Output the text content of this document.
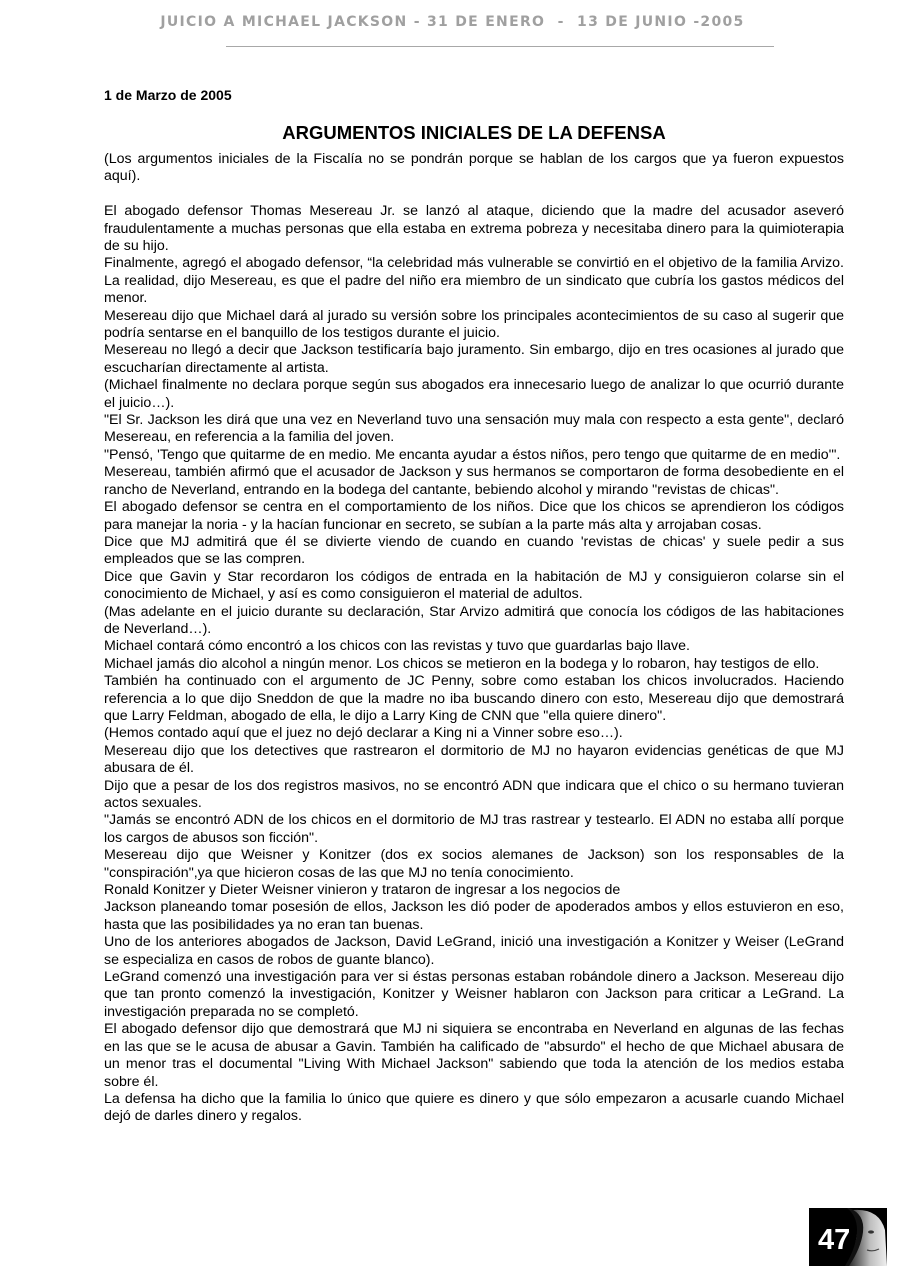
JUICIO A MICHAEL JACKSON - 31 DE ENERO  -  13 DE JUNIO -2005
1 de Marzo de 2005
ARGUMENTOS INICIALES DE LA DEFENSA

(Los argumentos iniciales de la Fiscalía no se pondrán porque se hablan de los cargos que ya fueron expuestos aquí).

El abogado defensor Thomas Mesereau Jr. se lanzó al ataque, diciendo que la madre del acusador aseveró fraudulentamente a muchas personas que ella estaba en extrema pobreza y necesitaba dinero para la quimioterapia de su hijo.

Finalmente, agregó el abogado defensor, “la celebridad más vulnerable se convirtió en el objetivo de la familia Arvizo. La realidad, dijo Mesereau, es que el padre del niño era miembro de un sindicato que cubría los gastos médicos del menor.

Mesereau dijo que Michael dará al jurado su versión sobre los principales acontecimientos de su caso al sugerir que podría sentarse en el banquillo de los testigos durante el juicio.

Mesereau no llegó a decir que Jackson testificaría bajo juramento. Sin embargo, dijo en tres ocasiones al jurado que escucharían directamente al artista.

(Michael finalmente no declara porque según sus abogados era innecesario luego de analizar lo que ocurrió durante el juicio…).

"El Sr. Jackson les dirá que una vez en Neverland tuvo una sensación muy mala con respecto a esta gente", declaró Mesereau, en referencia a la familia del joven.

"Pensó, 'Tengo que quitarme de en medio. Me encanta ayudar a éstos niños, pero tengo que quitarme de en medio'".

Mesereau, también afirmó que el acusador de Jackson y sus hermanos se comportaron de forma desobediente en el rancho de Neverland, entrando en la bodega del cantante, bebiendo alcohol y mirando "revistas de chicas".

El abogado defensor se centra en el comportamiento de los niños. Dice que los chicos se aprendieron los códigos para manejar la noria - y la hacían funcionar en secreto, se subían a la parte más alta y arrojaban cosas.

Dice que MJ admitirá que él se divierte viendo de cuando en cuando 'revistas de chicas' y suele pedir a sus empleados que se las compren.

Dice que Gavin y Star recordaron los códigos de entrada en la habitación de MJ y consiguieron colarse sin el conocimiento de Michael, y así es como consiguieron el material de adultos.

(Mas adelante en el juicio durante su declaración, Star Arvizo admitirá que conocía los códigos de las habitaciones de Neverland…).

Michael contará cómo encontró a los chicos con las revistas y tuvo que guardarlas bajo llave.

Michael jamás dio alcohol a ningún menor. Los chicos se metieron en la bodega y lo robaron, hay testigos de ello.

También ha continuado con el argumento de JC Penny, sobre como estaban los chicos involucrados. Haciendo referencia a lo que dijo Sneddon de que la madre no iba buscando dinero con esto, Mesereau dijo que demostrará que Larry Feldman, abogado de ella, le dijo a Larry King de CNN que "ella quiere dinero".

(Hemos contado aquí que el juez no dejó declarar a King ni a Vinner sobre eso…).

Mesereau dijo que los detectives que rastrearon el dormitorio de MJ no hayaron evidencias genéticas de que MJ abusara de él.

Dijo que a pesar de los dos registros masivos, no se encontró ADN que indicara que el chico o su hermano tuvieran actos sexuales.

"Jamás se encontró ADN de los chicos en el dormitorio de MJ tras rastrear y testearlo. El ADN no estaba allí porque los cargos de abusos son ficción".

Mesereau dijo que Weisner y Konitzer (dos ex socios alemanes de Jackson) son los responsables de la "conspiración",ya que hicieron cosas de las que MJ no tenía conocimiento.

Ronald Konitzer y Dieter Weisner vinieron y trataron de ingresar a los negocios de

Jackson planeando tomar posesión de ellos, Jackson les dió poder de apoderados ambos y ellos estuvieron en eso, hasta que las posibilidades ya no eran tan buenas.

Uno de los anteriores abogados de Jackson, David LeGrand, inició una investigación a Konitzer y Weiser (LeGrand se especializa en casos de robos de guante blanco).

LeGrand comenzó una investigación para ver si éstas personas estaban robándole dinero a Jackson. Mesereau dijo que tan pronto comenzó la investigación, Konitzer y Weisner hablaron con Jackson para criticar a LeGrand. La investigación preparada no se completó.

El abogado defensor dijo que demostrará que MJ ni siquiera se encontraba en Neverland en algunas de las fechas en las que se le acusa de abusar a Gavin. También ha calificado de "absurdo" el hecho de que Michael abusara de un menor tras el documental "Living With Michael Jackson" sabiendo que toda la atención de los medios estaba sobre él.

La defensa ha dicho que la familia lo único que quiere es dinero y que sólo empezaron a acusarle cuando Michael dejó de darles dinero y regalos.

47
